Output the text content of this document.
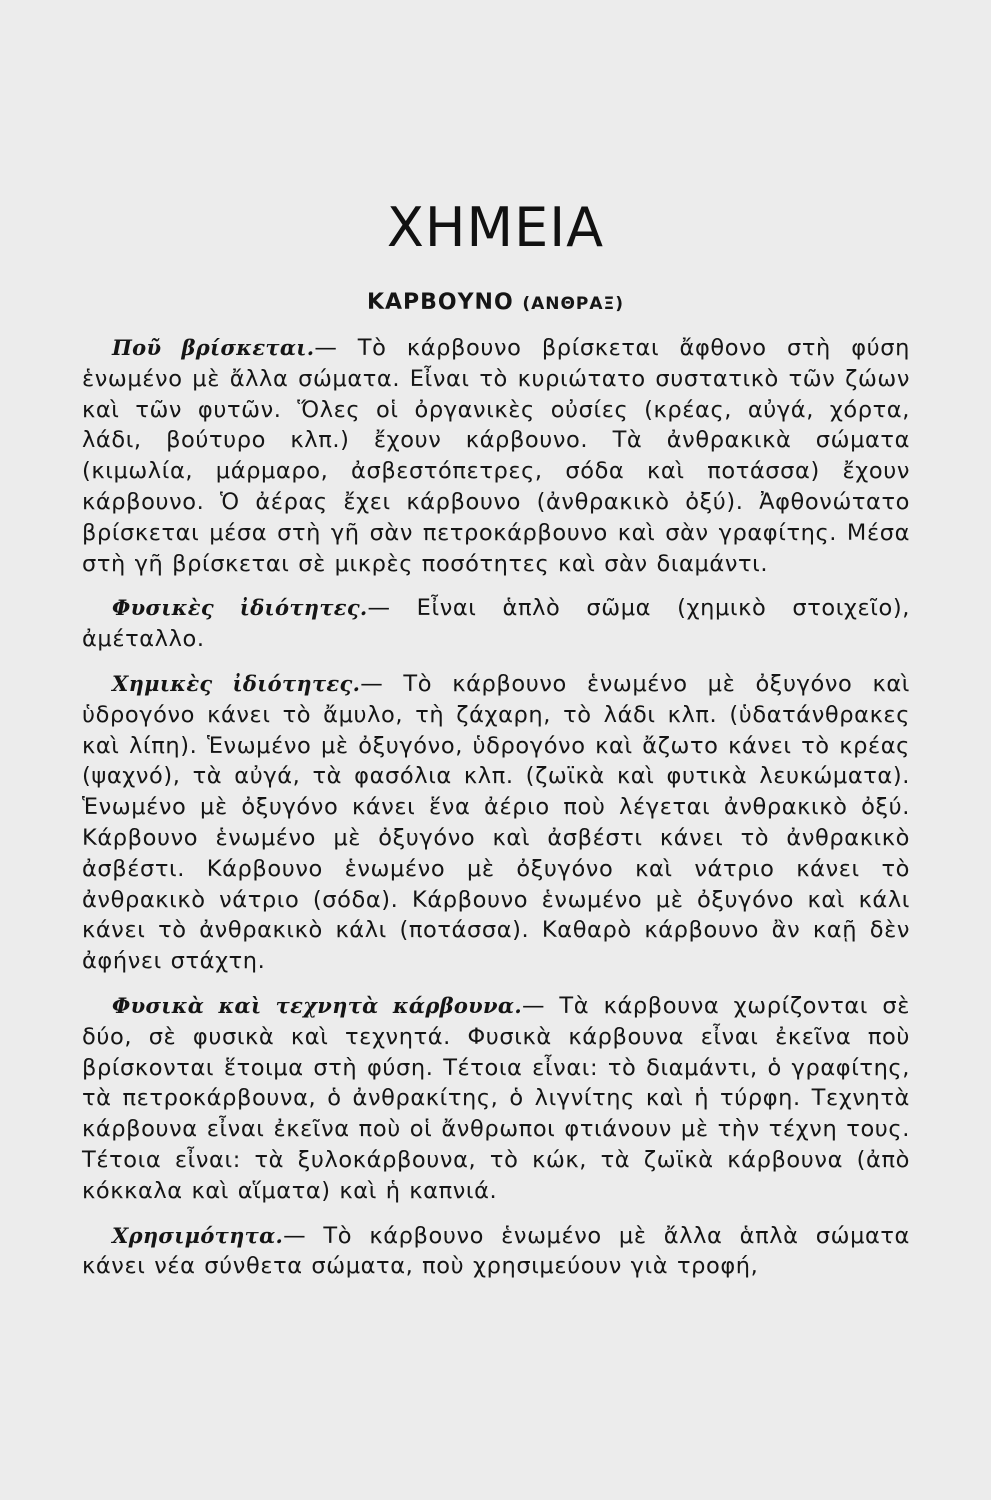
ΧΗΜΕΙΑ
ΚΑΡΒΟΥΝΟ (ΑΝΘΡΑΞ)

Ποῦ βρίσκεται.— Τὸ κάρβουνο βρίσκεται ἄφθονο στὴ φύση ἑνωμένο μὲ ἄλλα σώματα. Εἶναι τὸ κυριώτατο συστατικὸ τῶν ζώων καὶ τῶν φυτῶν. Ὅλες οἱ ὀργανικὲς οὐσίες (κρέας, αὐγά, χόρτα, λάδι, βούτυρο κλπ.) ἔχουν κάρβουνο. Τὰ ἀνθρακικὰ σώματα (κιμωλία, μάρμαρο, ἀσβεστόπετρες, σόδα καὶ ποτάσσα) ἔχουν κάρβουνο. Ὁ ἀέρας ἔχει κάρβουνο (ἀνθρακικὸ ὀξύ). Ἀφθονώτατο βρίσκεται μέσα στὴ γῆ σὰν πετροκάρβουνο καὶ σὰν γραφίτης. Μέσα στὴ γῆ βρίσκεται σὲ μικρὲς ποσότητες καὶ σὰν διαμάντι.

Φυσικὲς ἰδιότητες.— Εἶναι ἁπλὸ σῶμα (χημικὸ στοιχεῖο), ἀμέταλλο.

Χημικὲς ἰδιότητες.— Τὸ κάρβουνο ἑνωμένο μὲ ὀξυγόνο καὶ ὑδρογόνο κάνει τὸ ἄμυλο, τὴ ζάχαρη, τὸ λάδι κλπ. (ὑδατάνθρακες καὶ λίπη). Ἑνωμένο μὲ ὀξυγόνο, ὑδρογόνο καὶ ἄζωτο κάνει τὸ κρέας (ψαχνό), τὰ αὐγά, τὰ φασόλια κλπ. (ζωϊκὰ καὶ φυτικὰ λευκώματα). Ἑνωμένο μὲ ὀξυγόνο κάνει ἕνα ἀέριο ποὺ λέγεται ἀνθρακικὸ ὀξύ. Κάρβουνο ἑνωμένο μὲ ὀξυγόνο καὶ ἀσβέστι κάνει τὸ ἀνθρακικὸ ἀσβέστι. Κάρβουνο ἑνωμένο μὲ ὀξυγόνο καὶ νάτριο κάνει τὸ ἀνθρακικὸ νάτριο (σόδα). Κάρβουνο ἑνωμένο μὲ ὀξυγόνο καὶ κάλι κάνει τὸ ἀνθρακικὸ κάλι (ποτάσσα). Καθαρὸ κάρβουνο ἂν καῇ δὲν ἀφήνει στάχτη.

Φυσικὰ καὶ τεχνητὰ κάρβουνα.— Τὰ κάρβουνα χωρίζονται σὲ δύο, σὲ φυσικὰ καὶ τεχνητά. Φυσικὰ κάρβουνα εἶναι ἐκεῖνα ποὺ βρίσκονται ἕτοιμα στὴ φύση. Τέτοια εἶναι: τὸ διαμάντι, ὁ γραφίτης, τὰ πετροκάρβουνα, ὁ ἀνθρακίτης, ὁ λιγνίτης καὶ ἡ τύρφη. Τεχνητὰ κάρβουνα εἶναι ἐκεῖνα ποὺ οἱ ἄνθρωποι φτιάνουν μὲ τὴν τέχνη τους. Τέτοια εἶναι: τὰ ξυλοκάρβουνα, τὸ κώκ, τὰ ζωϊκὰ κάρβουνα (ἀπὸ κόκκαλα καὶ αἵματα) καὶ ἡ καπνιά.

Χρησιμότητα.— Τὸ κάρβουνο ἑνωμένο μὲ ἄλλα ἁπλὰ σώματα κάνει νέα σύνθετα σώματα, ποὺ χρησιμεύουν γιὰ τροφή,
